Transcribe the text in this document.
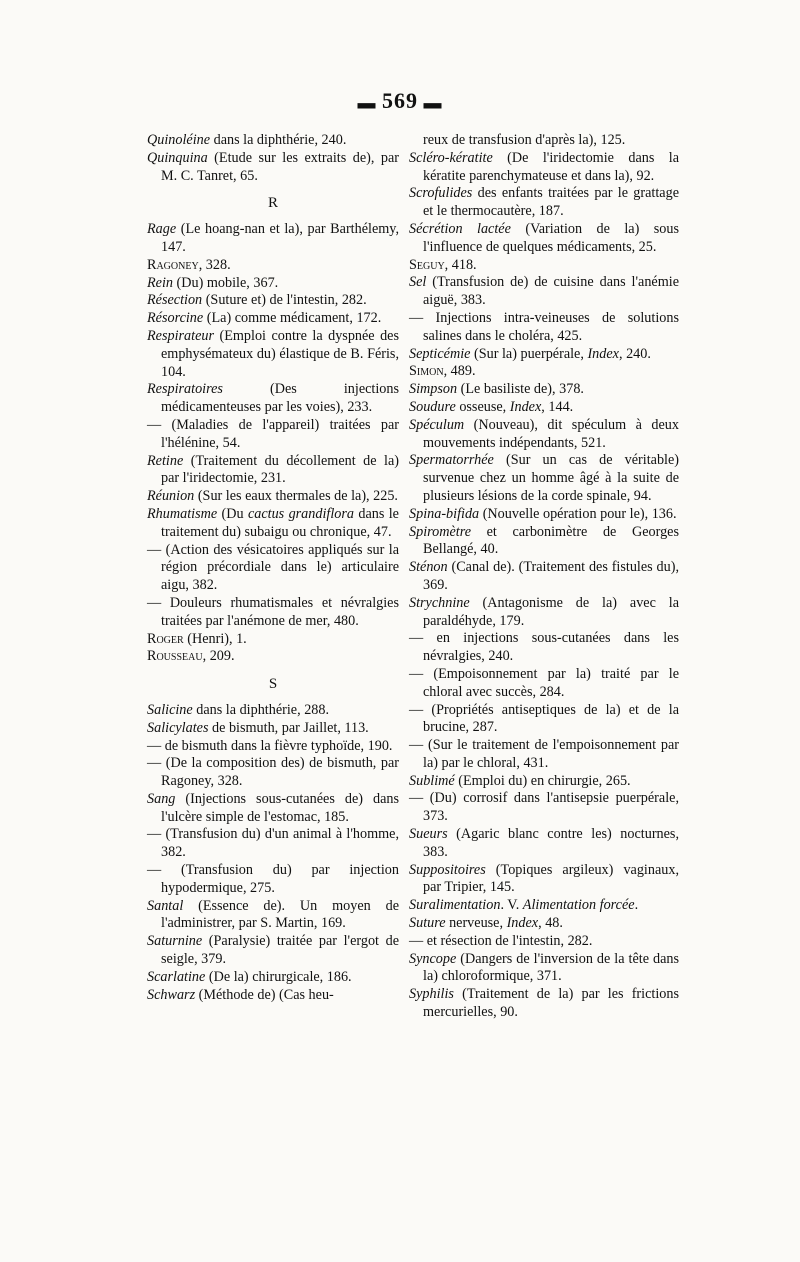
▬ 569 ▬

Quinoléine dans la diphthérie, 240.

Quinquina (Etude sur les extraits de), par M. C. Tanret, 65.

R

Rage (Le hoang-nan et la), par Barthélemy, 147.

Ragoney, 328.

Rein (Du) mobile, 367.

Résection (Suture et) de l'intestin, 282.

Résorcine (La) comme médicament, 172.

Respirateur (Emploi contre la dyspnée des emphysémateux du) élastique de B. Féris, 104.

Respiratoires (Des injections médicamenteuses par les voies), 233.

— (Maladies de l'appareil) traitées par l'hélénine, 54.

Retine (Traitement du décollement de la) par l'iridectomie, 231.

Réunion (Sur les eaux thermales de la), 225.

Rhumatisme (Du cactus grandiflora dans le traitement du) subaigu ou chronique, 47.

— (Action des vésicatoires appliqués sur la région précordiale dans le) articulaire aigu, 382.

— Douleurs rhumatismales et névralgies traitées par l'anémone de mer, 480.

Roger (Henri), 1.

Rousseau, 209.

S

Salicine dans la diphthérie, 288.

Salicylates de bismuth, par Jaillet, 113.

— de bismuth dans la fièvre typhoïde, 190.

— (De la composition des) de bismuth, par Ragoney, 328.

Sang (Injections sous-cutanées de) dans l'ulcère simple de l'estomac, 185.

— (Transfusion du) d'un animal à l'homme, 382.

— (Transfusion du) par injection hypodermique, 275.

Santal (Essence de). Un moyen de l'administrer, par S. Martin, 169.

Saturnine (Paralysie) traitée par l'ergot de seigle, 379.

Scarlatine (De la) chirurgicale, 186.

Schwarz (Méthode de) (Cas heu-

reux de transfusion d'après la), 125.

Scléro-kératite (De l'iridectomie dans la kératite parenchymateuse et dans la), 92.

Scrofulides des enfants traitées par le grattage et le thermocautère, 187.

Sécrétion lactée (Variation de la) sous l'influence de quelques médicaments, 25.

Seguy, 418.

Sel (Transfusion de) de cuisine dans l'anémie aiguë, 383.

— Injections intra-veineuses de solutions salines dans le choléra, 425.

Septicémie (Sur la) puerpérale, Index, 240.

Simon, 489.

Simpson (Le basiliste de), 378.

Soudure osseuse, Index, 144.

Spéculum (Nouveau), dit spéculum à deux mouvements indépendants, 521.

Spermatorrhée (Sur un cas de véritable) survenue chez un homme âgé à la suite de plusieurs lésions de la corde spinale, 94.

Spina-bifida (Nouvelle opération pour le), 136.

Spiromètre et carbonimètre de Georges Bellangé, 40.

Sténon (Canal de). (Traitement des fistules du), 369.

Strychnine (Antagonisme de la) avec la paraldéhyde, 179.

— en injections sous-cutanées dans les névralgies, 240.

— (Empoisonnement par la) traité par le chloral avec succès, 284.

— (Propriétés antiseptiques de la) et de la brucine, 287.

— (Sur le traitement de l'empoisonnement par la) par le chloral, 431.

Sublimé (Emploi du) en chirurgie, 265.

— (Du) corrosif dans l'antisepsie puerpérale, 373.

Sueurs (Agaric blanc contre les) nocturnes, 383.

Suppositoires (Topiques argileux) vaginaux, par Tripier, 145.

Suralimentation. V. Alimentation forcée.

Suture nerveuse, Index, 48.

— et résection de l'intestin, 282.

Syncope (Dangers de l'inversion de la tête dans la) chloroformique, 371.

Syphilis (Traitement de la) par les frictions mercurielles, 90.
